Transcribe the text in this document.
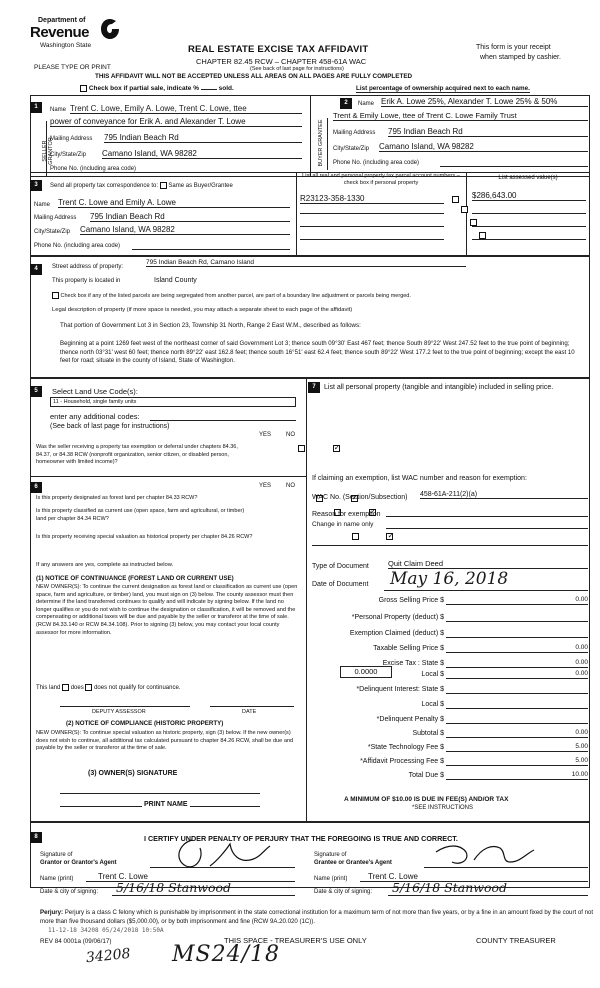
Department of
Revenue
Washington State
PLEASE TYPE OR PRINT
REAL ESTATE EXCISE TAX AFFIDAVIT
CHAPTER 82.45 RCW – CHAPTER 458-61A WAC
(See back of last page for instructions)
THIS AFFIDAVIT WILL NOT BE ACCEPTED UNLESS ALL AREAS ON ALL PAGES ARE FULLY COMPLETED
This form is your receipt
when stamped by cashier.
Check box if partial sale, indicate %	sold.	List percentage of ownership acquired next to each name.
1
SELLER GRANTOR
Name Trent C. Lowe, Emily A. Lowe, Trent C. Lowe, ttee
power of conveyance for Erik A. and Alexander T. Lowe
Mailing Address 795 Indian Beach Rd
City/State/Zip Camano Island, WA 98282
Phone No. (including area code)
2
BUYER GRANTEE
Name Erik A. Lowe 25%, Alexander T. Lowe 25% & 50%
Trent & Emily Lowe, ttee of Trent C. Lowe Family Trust
Mailing Address 795 Indian Beach Rd
City/State/Zip Camano Island, WA 98282
Phone No. (including area code)
3	Send all property tax correspondence to: Same as Buyer/Grantee
Name Trent C. Lowe and Emily A. Lowe
Mailing Address 795 Indian Beach Rd
City/State/Zip Camano Island, WA 98282
Phone No. (including area code)
List all real and personal property tax parcel account numbers – check box if personal property
List assessed value(s)
R23123-358-1330
	$286,643.00

4	Street address of property:
795 Indian Beach Rd, Camano Island
This property is located in	Island County
Check box if any of the listed parcels are being segregated from another parcel, are part of a boundary line adjustment or parcels being merged.
Legal description of property (if more space is needed, you may attach a separate sheet to each page of the affidavit)
That portion of Government Lot 3 in Section 23, Township 31 North, Range 2 East W.M., described as follows:
Beginning at a point 1269 feet west of the northeast corner of said Government Lot 3; thence south 09°30' East 467 feet; thence South 89°22' West 247.52 feet to the true point of beginning; thence north 03°31' west 60 feet; thence north 89°22' east 162.8 feet; thence south 16°51' east 62.4 feet; thence south 89°22' West 177.2 feet to the true point of beginning; except the east 10 feet for road; situate in the county of Island, State of Washington.
5	Select Land Use Code(s):
11 - Household, single family units
enter any additional codes:
(See back of last page for instructions)
YES NO
Was the seller receiving a property tax exemption or deferral under chapters 84.36, 84.37, or 84.38 RCW (nonprofit organization, senior citizen, or disabled person, homeowner with limited income)?
✓
6	YES NO
Is this property designated as forest land per chapter 84.33 RCW?
✓
Is this property classified as current use (open space, farm and agricultural, or timber) land per chapter 84.34 RCW?
✓
Is this property receiving special valuation as historical property per chapter 84.26 RCW?
✓
If any answers are yes, complete as instructed below.
(1) NOTICE OF CONTINUANCE (FOREST LAND OR CURRENT USE)
NEW OWNER(S): To continue the current designation as forest land or classification as current use (open space, farm and agriculture, or timber) land, you must sign on (3) below. The county assessor must then determine if the land transferred continues to qualify and will indicate by signing below. If the land no longer qualifies or you do not wish to continue the designation or classification, it will be removed and the compensating or additional taxes will be due and payable by the seller or transferor at the time of sale. (RCW 84.33.140 or RCW 84.34.108). Prior to signing (3) below, you may contact your local county assessor for more information.
This land does does not qualify for continuance.
DEPUTY ASSESSOR	DATE
(2) NOTICE OF COMPLIANCE (HISTORIC PROPERTY)
NEW OWNER(S): To continue special valuation as historic property, sign (3) below. If the new owner(s) does not wish to continue, all additional tax calculated pursuant to chapter 84.26 RCW, shall be due and payable by the seller or transferor at the time of sale.
(3) OWNER(S) SIGNATURE
PRINT NAME
7	List all personal property (tangible and intangible) included in selling price.
If claiming an exemption, list WAC number and reason for exemption:
WAC No. (Section/Subsection) 458-61A-211(2)(a)
Reason for exemption
Change in name only
Type of Document	Quit Claim Deed
Date of Document	May 16, 2018
Gross Selling Price $	0.00
*Personal Property (deduct) $
Exemption Claimed (deduct) $
Taxable Selling Price $	0.00
Excise Tax : State $	0.00
Local $	0.00
*Delinquent Interest: State $
Local $
*Delinquent Penalty $
Subtotal $	0.00
*State Technology Fee $	5.00
*Affidavit Processing Fee $	5.00
Total Due $	10.00
0.0000
A MINIMUM OF $10.00 IS DUE IN FEE(S) AND/OR TAX
*SEE INSTRUCTIONS
8	I CERTIFY UNDER PENALTY OF PERJURY THAT THE FOREGOING IS TRUE AND CORRECT.
Signature of
Grantor or Grantor's Agent
Name (print)	Trent C. Lowe
Date & city of signing:	5/16/18 Stanwood
Signature of
Grantee or Grantee's Agent
Name (print)	Trent C. Lowe
Date & city of signing:	5/16/18 Stanwood
Perjury: Perjury is a class C felony which is punishable by imprisonment in the state correctional institution for a maximum term of not more than five years, or by a fine in an amount fixed by the court of not more than five thousand dollars ($5,000.00), or by both imprisonment and fine (RCW 9A.20.020 (1C)).
11-12-18 34208 05/24/2018 10:50A
REV 84 0001a (09/06/17)	THIS SPACE - TREASURER'S USE ONLY	COUNTY TREASURER
34208 MS24/18
